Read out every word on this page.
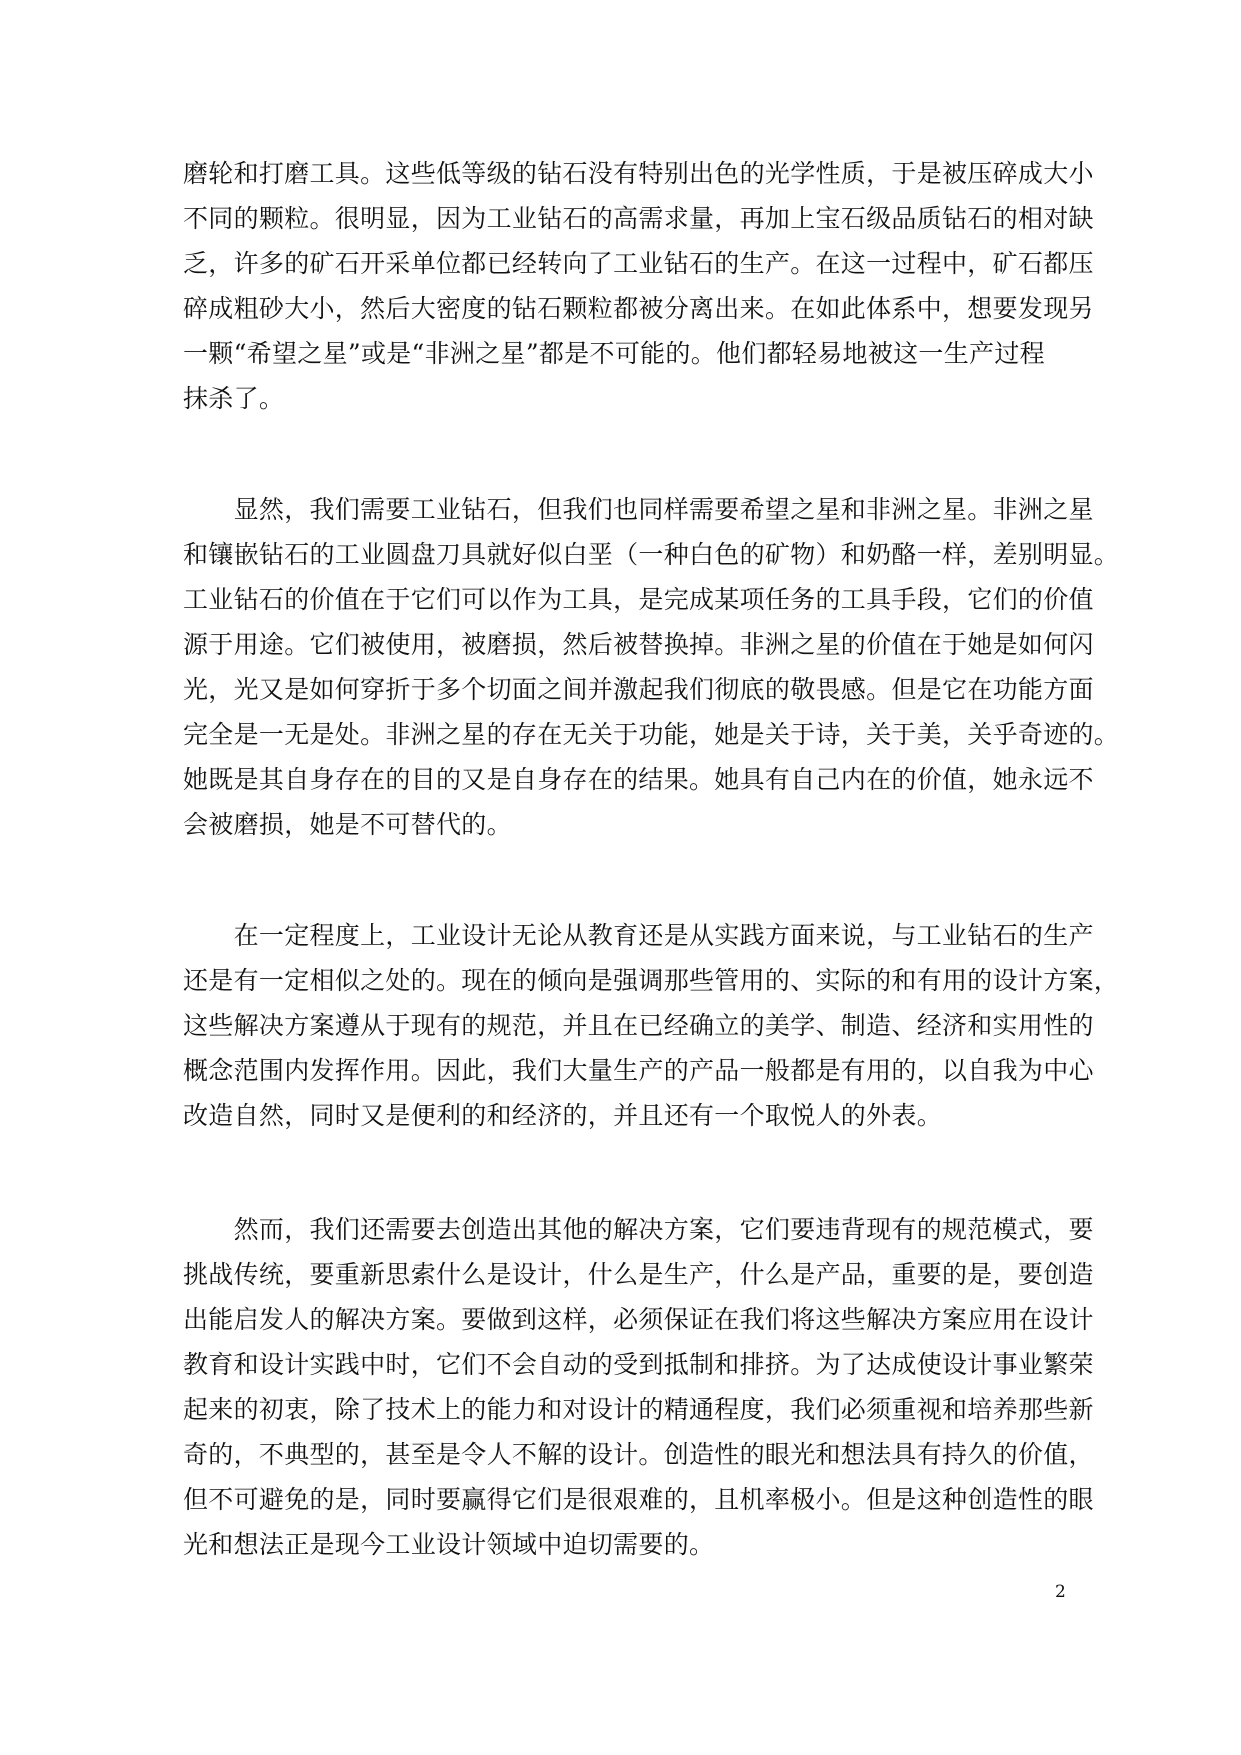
磨轮和打磨工具。这些低等级的钻石没有特别出色的光学性质，于是被压碎成大小
不同的颗粒。很明显，因为工业钻石的高需求量，再加上宝石级品质钻石的相对缺
乏，许多的矿石开采单位都已经转向了工业钻石的生产。在这一过程中，矿石都压
碎成粗砂大小，然后大密度的钻石颗粒都被分离出来。在如此体系中，想要发现另
一颗“希望之星”或是“非洲之星”都是不可能的。他们都轻易地被这一生产过程
抹杀了。
　　显然，我们需要工业钻石，但我们也同样需要希望之星和非洲之星。非洲之星
和镶嵌钻石的工业圆盘刀具就好似白垩（一种白色的矿物）和奶酪一样，差别明显。
工业钻石的价值在于它们可以作为工具，是完成某项任务的工具手段，它们的价值
源于用途。它们被使用，被磨损，然后被替换掉。非洲之星的价值在于她是如何闪
光，光又是如何穿折于多个切面之间并激起我们彻底的敬畏感。但是它在功能方面
完全是一无是处。非洲之星的存在无关于功能，她是关于诗，关于美，关乎奇迹的。
她既是其自身存在的目的又是自身存在的结果。她具有自己内在的价值，她永远不
会被磨损，她是不可替代的。
　　在一定程度上，工业设计无论从教育还是从实践方面来说，与工业钻石的生产
还是有一定相似之处的。现在的倾向是强调那些管用的、实际的和有用的设计方案，
这些解决方案遵从于现有的规范，并且在已经确立的美学、制造、经济和实用性的
概念范围内发挥作用。因此，我们大量生产的产品一般都是有用的，以自我为中心
改造自然，同时又是便利的和经济的，并且还有一个取悦人的外表。
　　然而，我们还需要去创造出其他的解决方案，它们要违背现有的规范模式，要
挑战传统，要重新思索什么是设计，什么是生产，什么是产品，重要的是，要创造
出能启发人的解决方案。要做到这样，必须保证在我们将这些解决方案应用在设计
教育和设计实践中时，它们不会自动的受到抵制和排挤。为了达成使设计事业繁荣
起来的初衷，除了技术上的能力和对设计的精通程度，我们必须重视和培养那些新
奇的，不典型的，甚至是令人不解的设计。创造性的眼光和想法具有持久的价值，
但不可避免的是，同时要赢得它们是很艰难的，且机率极小。但是这种创造性的眼
光和想法正是现今工业设计领域中迫切需要的。
2
